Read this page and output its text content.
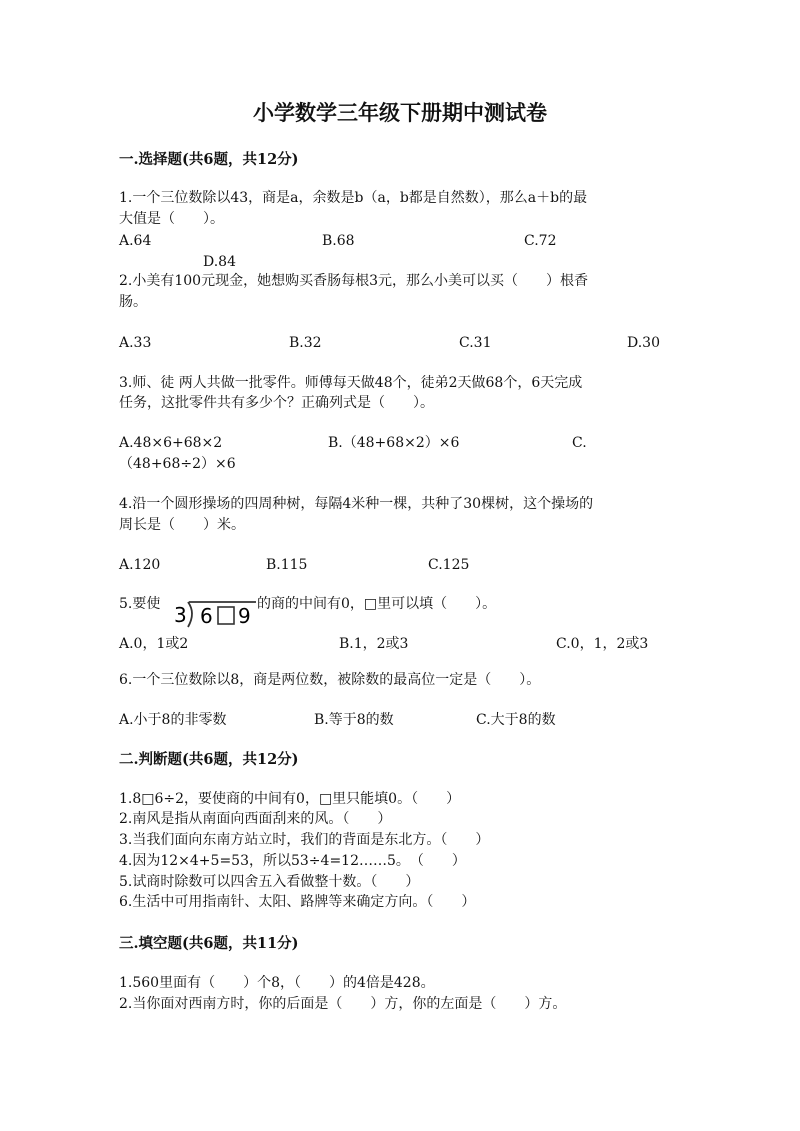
小学数学三年级下册期中测试卷
一.选择题(共6题，共12分)
1.一个三位数除以43，商是a，余数是b（a，b都是自然数），那么a＋b的最
大值是（　　）。
A.64	B.68	C.72
D.84
2.小美有100元现金，她想购买香肠每根3元，那么小美可以买（　　）根香
肠。
A.33	B.32	C.31	D.30
3.师、徒 两人共做一批零件。师傅每天做48个，徒弟2天做68个，6天完成
任务，这批零件共有多少个？正确列式是（　　）。
A.48×6+68×2	B.（48+68×2）×6	C.
（48+68÷2）×6
4.沿一个圆形操场的四周种树，每隔4米种一棵，共种了30棵树，这个操场的
周长是（　　）米。
A.120	B.115	C.125
5.要使 3 6 9 的商的中间有0，□里可以填（　　）。
A.0，1或2	B.1，2或3	C.0，1，2或3
6.一个三位数除以8，商是两位数，被除数的最高位一定是（　　）。
A.小于8的非零数	B.等于8的数	C.大于8的数
二.判断题(共6题，共12分)
1.8□6÷2，要使商的中间有0，□里只能填0。（　　）
2.南风是指从南面向西面刮来的风。（　　）
3.当我们面向东南方站立时，我们的背面是东北方。（　　）
4.因为12×4+5=53，所以53÷4=12……5。　（　　）
5.试商时除数可以四舍五入看做整十数。（　　）
6.生活中可用指南针、太阳、路牌等来确定方向。（　　）
三.填空题(共6题，共11分)
1.560里面有（　　）个8，（　　）的4倍是428。
2.当你面对西南方时，你的后面是（　　）方，你的左面是（　　）方。
